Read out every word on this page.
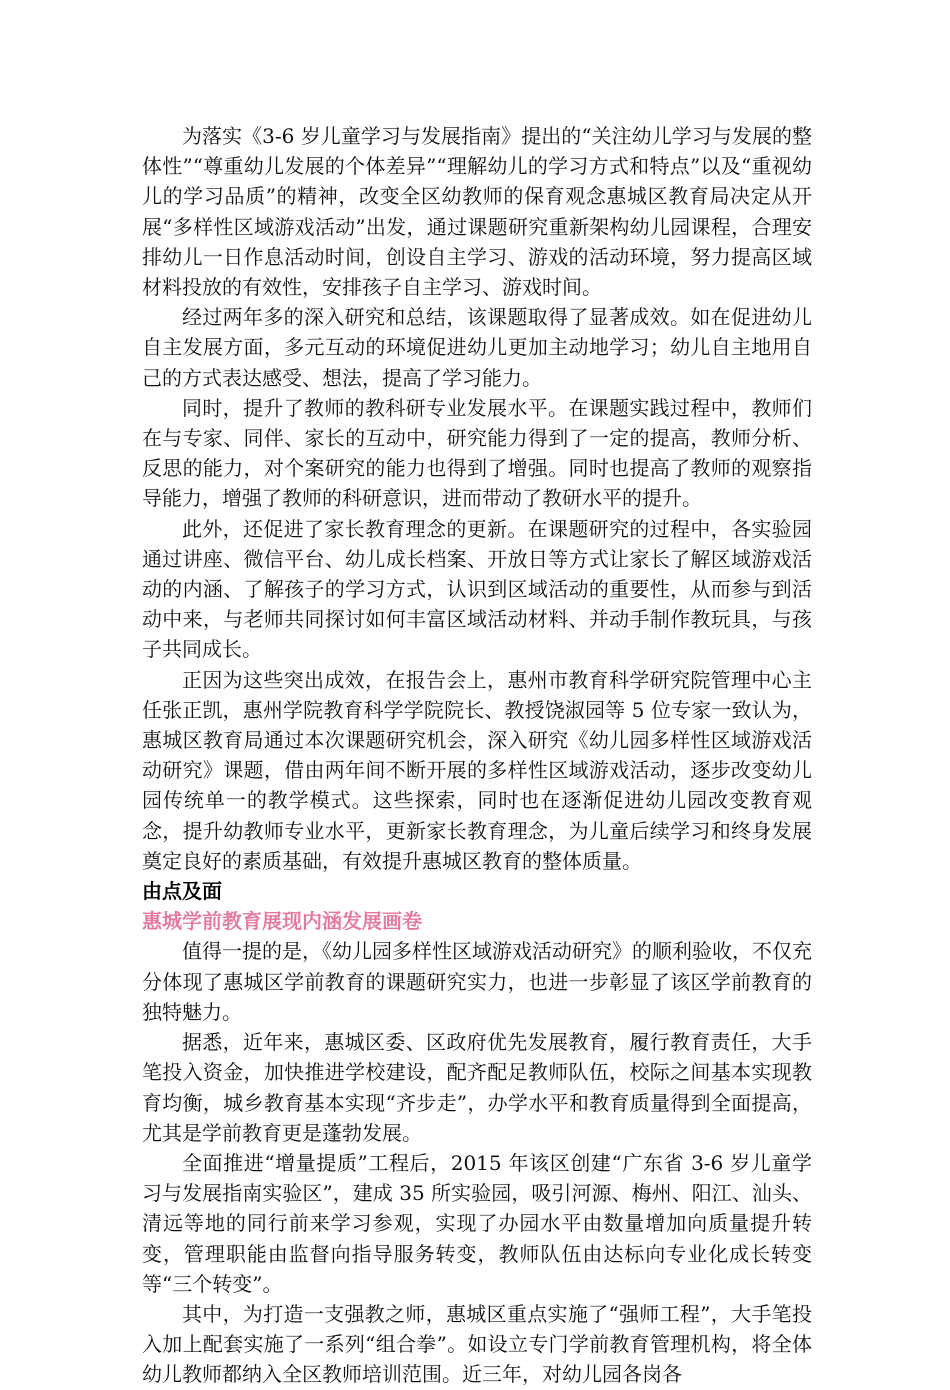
为落实《3-6 岁儿童学习与发展指南》提出的“关注幼儿学习与发展的整体性”“尊重幼儿发展的个体差异”“理解幼儿的学习方式和特点”以及“重视幼儿的学习品质”的精神，改变全区幼教师的保育观念惠城区教育局决定从开展“多样性区域游戏活动”出发，通过课题研究重新架构幼儿园课程，合理安排幼儿一日作息活动时间，创设自主学习、游戏的活动环境，努力提高区域材料投放的有效性，安排孩子自主学习、游戏时间。

经过两年多的深入研究和总结，该课题取得了显著成效。如在促进幼儿自主发展方面，多元互动的环境促进幼儿更加主动地学习；幼儿自主地用自己的方式表达感受、想法，提高了学习能力。

同时，提升了教师的教科研专业发展水平。在课题实践过程中，教师们在与专家、同伴、家长的互动中，研究能力得到了一定的提高，教师分析、反思的能力，对个案研究的能力也得到了增强。同时也提高了教师的观察指导能力，增强了教师的科研意识，进而带动了教研水平的提升。

此外，还促进了家长教育理念的更新。在课题研究的过程中，各实验园通过讲座、微信平台、幼儿成长档案、开放日等方式让家长了解区域游戏活动的内涵、了解孩子的学习方式，认识到区域活动的重要性，从而参与到活动中来，与老师共同探讨如何丰富区域活动材料、并动手制作教玩具，与孩子共同成长。

正因为这些突出成效，在报告会上，惠州市教育科学研究院管理中心主任张正凯，惠州学院教育科学学院院长、教授饶淑园等 5 位专家一致认为，惠城区教育局通过本次课题研究机会，深入研究《幼儿园多样性区域游戏活动研究》课题，借由两年间不断开展的多样性区域游戏活动，逐步改变幼儿园传统单一的教学模式。这些探索，同时也在逐渐促进幼儿园改变教育观念，提升幼教师专业水平，更新家长教育理念，为儿童后续学习和终身发展奠定良好的素质基础，有效提升惠城区教育的整体质量。

由点及面
惠城学前教育展现内涵发展画卷

值得一提的是，《幼儿园多样性区域游戏活动研究》的顺利验收，不仅充分体现了惠城区学前教育的课题研究实力，也进一步彰显了该区学前教育的独特魅力。

据悉，近年来，惠城区委、区政府优先发展教育，履行教育责任，大手笔投入资金，加快推进学校建设，配齐配足教师队伍，校际之间基本实现教育均衡，城乡教育基本实现“齐步走”，办学水平和教育质量得到全面提高，尤其是学前教育更是蓬勃发展。

全面推进“增量提质”工程后，2015 年该区创建“广东省 3-6 岁儿童学习与发展指南实验区”，建成 35 所实验园，吸引河源、梅州、阳江、汕头、清远等地的同行前来学习参观，实现了办园水平由数量增加向质量提升转变，管理职能由监督向指导服务转变，教师队伍由达标向专业化成长转变等“三个转变”。

其中，为打造一支强教之师，惠城区重点实施了“强师工程”，大手笔投入加上配套实施了一系列“组合拳”。如设立专门学前教育管理机构，将全体幼儿教师都纳入全区教师培训范围。近三年，对幼儿园各岗各
